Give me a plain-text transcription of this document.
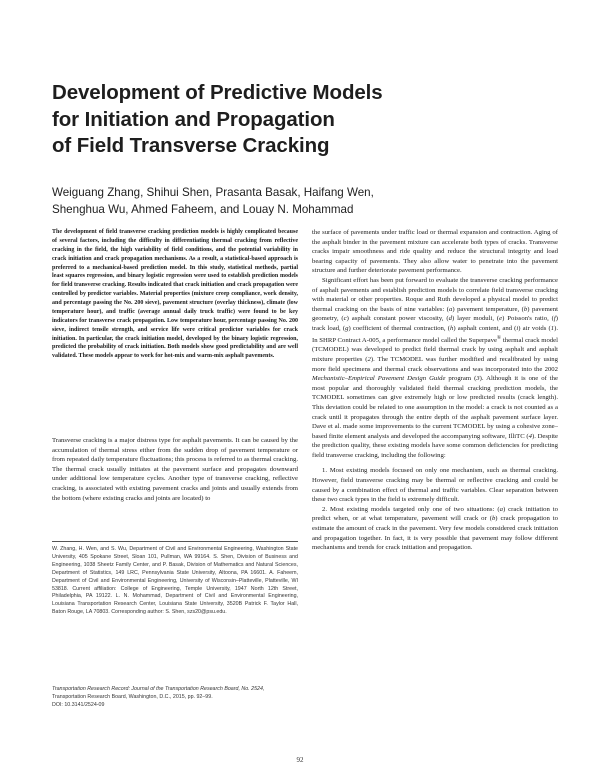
Development of Predictive Models
for Initiation and Propagation
of Field Transverse Cracking
Weiguang Zhang, Shihui Shen, Prasanta Basak, Haifang Wen,
Shenghua Wu, Ahmed Faheem, and Louay N. Mohammad

The development of field transverse cracking prediction models is highly complicated because of several factors, including the difficulty in differentiating thermal cracking from reflective cracking in the field, the high variability of field conditions, and the potential variability in crack initiation and crack propagation mechanisms. As a result, a statistical-based approach is preferred to a mechanical-based prediction model. In this study, statistical methods, partial least squares regression, and binary logistic regression were used to establish prediction models for field transverse cracking. Results indicated that crack initiation and crack propagation were controlled by predictor variables. Material properties (mixture creep compliance, work density, and percentage passing the No. 200 sieve), pavement structure (overlay thickness), climate (low temperature hour), and traffic (average annual daily truck traffic) were found to be key indicators for transverse crack propagation. Low temperature hour, percentage passing No. 200 sieve, indirect tensile strength, and service life were critical predictor variables for crack initiation. In particular, the crack initiation model, developed by the binary logistic regression, predicted the probability of crack initiation. Both models show good predictability and are well validated. These models appear to work for hot-mix and warm-mix asphalt pavements.

Transverse cracking is a major distress type for asphalt pavements. It can be caused by the accumulation of thermal stress either from the sudden drop of pavement temperature or from repeated daily temperature fluctuations; this process is referred to as thermal cracking. The thermal crack usually initiates at the pavement surface and propagates downward under additional low temperature cycles. Another type of transverse cracking, reflective cracking, is associated with existing pavement cracks and joints and usually extends from the bottom (where existing cracks and joints are located) to

W. Zhang, H. Wen, and S. Wu, Department of Civil and Environmental Engineering, Washington State University, 405 Spokane Street, Sloan 101, Pullman, WA 99164. S. Shen, Division of Business and Engineering, 1038 Sheetz Family Center, and P. Basak, Division of Mathematics and Natural Sciences, Department of Statistics, 149 LRC, Pennsylvania State University, Altoona, PA 16601. A. Faheem, Department of Civil and Environmental Engineering, University of Wisconsin–Platteville, Platteville, WI 53818. Current affiliation: College of Engineering, Temple University, 1947 North 12th Street, Philadelphia, PA 19122. L. N. Mohammad, Department of Civil and Environmental Engineering, Louisiana Transportation Research Center, Louisiana State University, 3520B Patrick F. Taylor Hall, Baton Rouge, LA 70803. Corresponding author: S. Shen, szs20@psu.edu.

Transportation Research Record: Journal of the Transportation Research Board, No. 2524, Transportation Research Board, Washington, D.C., 2015, pp. 92–99.
DOI: 10.3141/2524-09

the surface of pavements under traffic load or thermal expansion and contraction. Aging of the asphalt binder in the pavement mixture can accelerate both types of cracks. Transverse cracks impair smoothness and ride quality and reduce the structural integrity and load bearing capacity of pavements. They also allow water to penetrate into the pavement structure and further deteriorate pavement performance.

Significant effort has been put forward to evaluate the transverse cracking performance of asphalt pavements and establish prediction models to correlate field transverse cracking with material or other properties. Roque and Ruth developed a physical model to predict thermal cracking on the basis of nine variables: (a) pavement temperature, (b) pavement geometry, (c) asphalt constant power viscosity, (d) layer moduli, (e) Poisson's ratio, (f) track load, (g) coefficient of thermal contraction, (h) asphalt content, and (i) air voids (1). In SHRP Contract A-005, a performance model called the Superpave® thermal crack model (TCMODEL) was developed to predict field thermal crack by using asphalt and asphalt mixture properties (2). The TCMODEL was further modified and recalibrated by using more field specimens and thermal crack observations and was incorporated into the 2002 Mechanistic–Empirical Pavement Design Guide program (3). Although it is one of the most popular and thoroughly validated field thermal cracking prediction models, the TCMODEL sometimes can give extremely high or low predicted results (crack length). This deviation could be related to one assumption in the model: a crack is not counted as a crack until it propagates through the entire depth of the asphalt pavement surface layer. Dave et al. made some improvements to the current TCMODEL by using a cohesive zone–based finite element analysis and developed the accompanying software, IlliTC (4). Despite the prediction quality, these existing models have some common deficiencies for predicting field transverse cracking, including the following:

1. Most existing models focused on only one mechanism, such as thermal cracking. However, field transverse cracking may be thermal or reflective cracking and could be caused by a combination effect of thermal and traffic variables. Clear separation between these two crack types in the field is extremely difficult.

2. Most existing models targeted only one of two situations: (a) crack initiation to predict when, or at what temperature, pavement will crack or (b) crack propagation to estimate the amount of crack in the pavement. Very few models considered crack initiation and propagation together. In fact, it is very possible that pavement may follow different mechanisms and trends for crack initiation and propagation.

92
